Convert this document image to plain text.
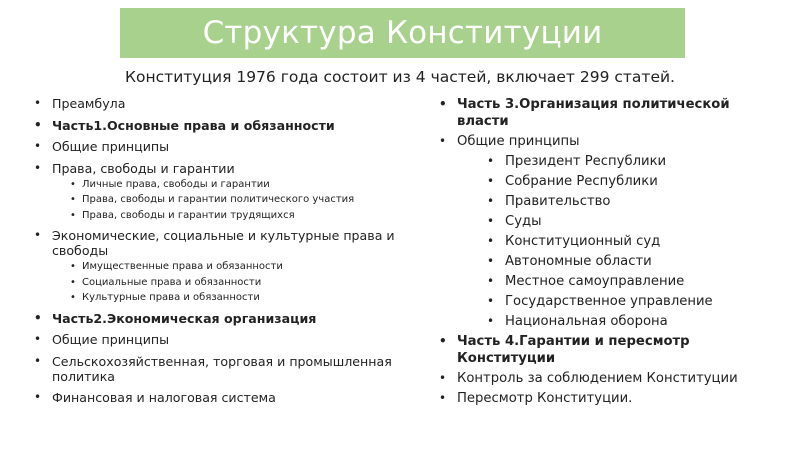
Структура Конституции
Конституция 1976 года состоит из 4 частей, включает 299 статей.
• Преамбула
• Часть1.Основные права и обязанности
• Общие принципы
• Права, свободы и гарантии
• Личные права, свободы и гарантии
• Права, свободы и гарантии политического участия
• Права, свободы и гарантии трудящихся
• Экономические, социальные и культурные права и свободы
• Имущественные права и обязанности
• Социальные права и обязанности
• Культурные права и обязанности
• Часть2.Экономическая организация
• Общие принципы
• Сельскохозяйственная, торговая и промышленная политика
• Финансовая и налоговая система
• Часть 3.Организация политической власти
• Общие принципы
• Президент Республики
• Собрание Республики
• Правительство
• Суды
• Конституционный суд
• Автономные области
• Местное самоуправление
• Государственное управление
• Национальная оборона
• Часть 4.Гарантии и пересмотр Конституции
• Контроль за соблюдением Конституции
• Пересмотр Конституции.
